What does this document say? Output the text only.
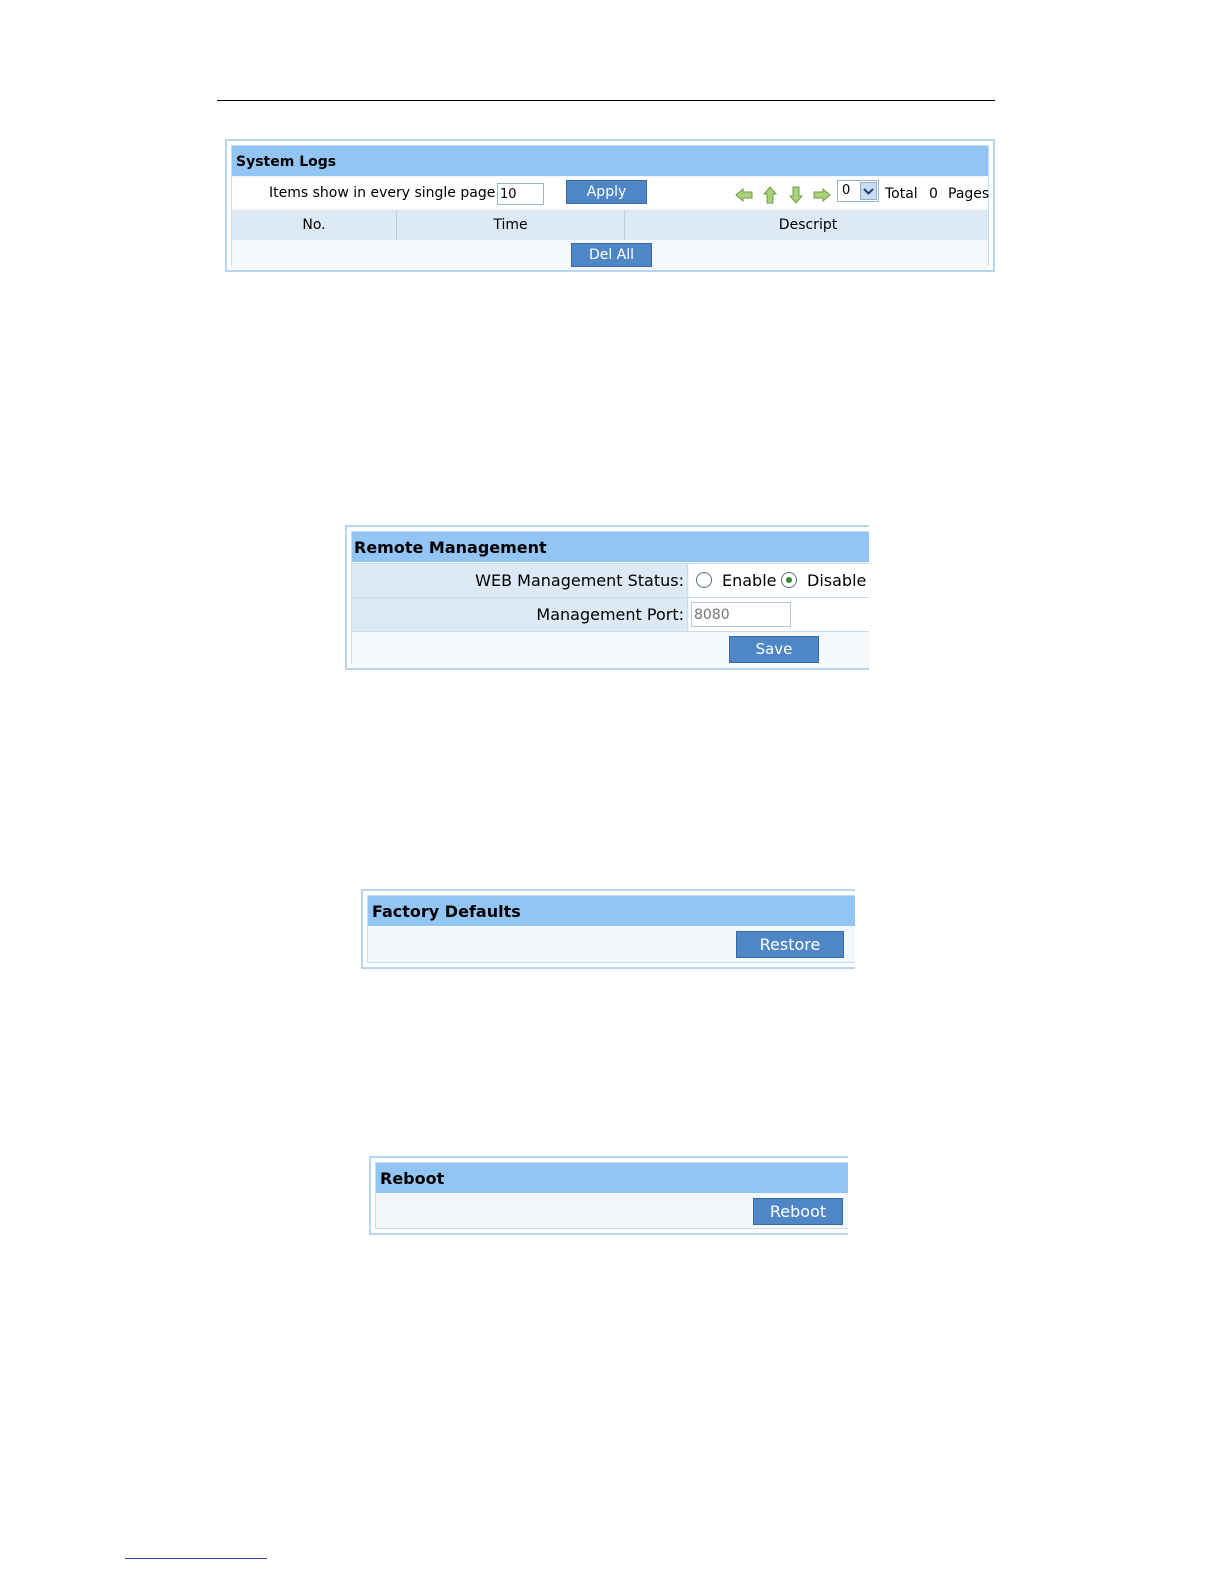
System Logs
Items show in every single page
10	Apply	0 Total 0 Pages
No.	Time	Descript
Del All
Remote Management
WEB Management Status: Enable Disable
Management Port:
8080
Save
Factory Defaults
Restore
Reboot
Reboot
